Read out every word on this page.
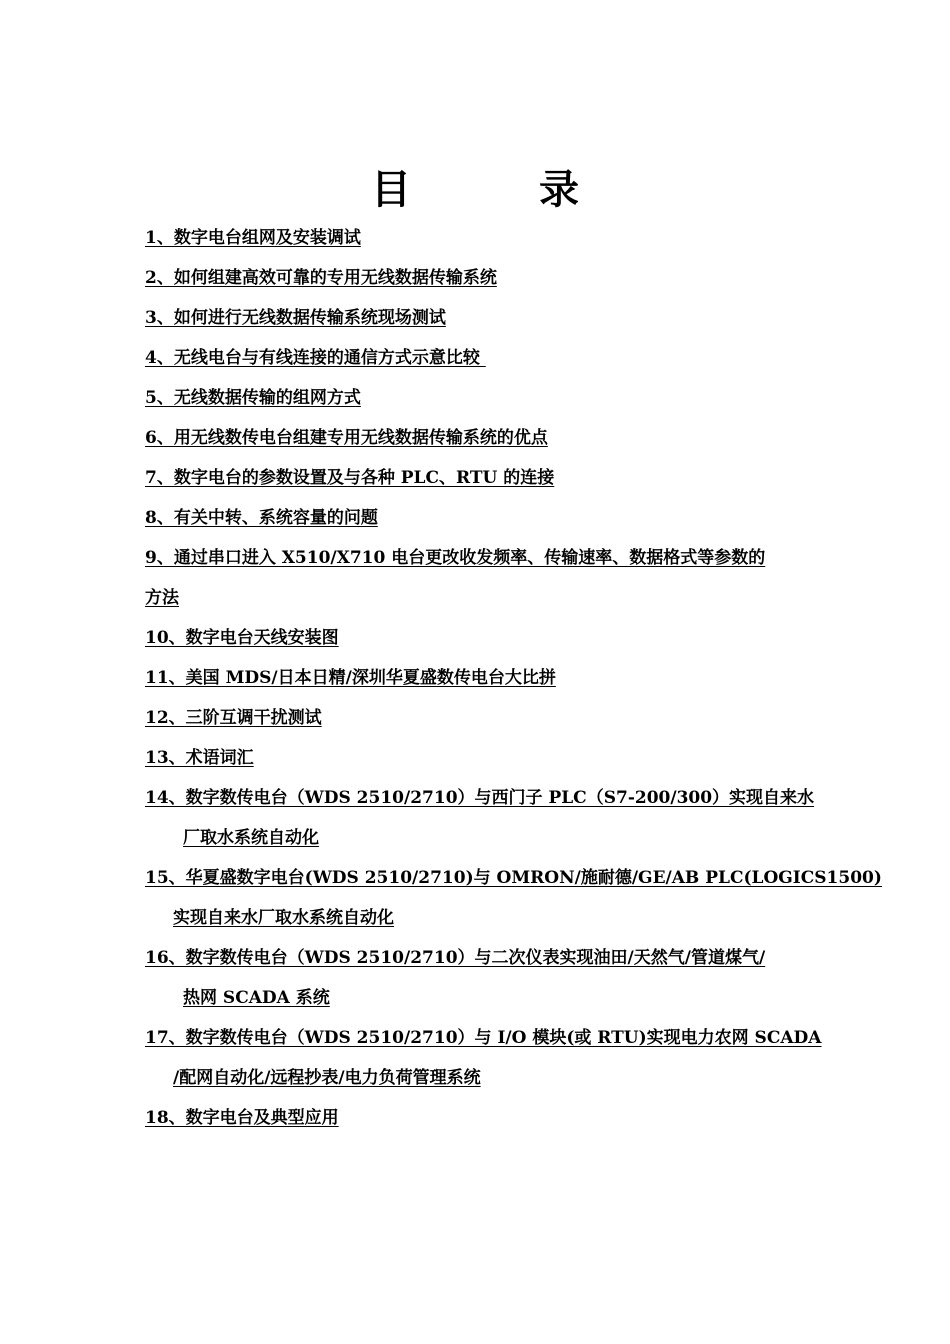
目　录
1、数字电台组网及安装调试
2、如何组建高效可靠的专用无线数据传输系统
3、如何进行无线数据传输系统现场测试
4、无线电台与有线连接的通信方式示意比较
5、无线数据传输的组网方式
6、用无线数传电台组建专用无线数据传输系统的优点
7、数字电台的参数设置及与各种 PLC、RTU 的连接
8、有关中转、系统容量的问题
9、通过串口进入 X510/X710 电台更改收发频率、传输速率、数据格式等参数的
方法
10、数字电台天线安装图
11、美国 MDS/日本日精/深圳华夏盛数传电台大比拼
12、三阶互调干扰测试
13、术语词汇
14、数字数传电台（WDS 2510/2710）与西门子 PLC（S7-200/300）实现自来水
厂取水系统自动化
15、华夏盛数字电台(WDS 2510/2710)与 OMRON/施耐德/GE/AB PLC(LOGICS1500)
实现自来水厂取水系统自动化
16、数字数传电台（WDS 2510/2710）与二次仪表实现油田/天然气/管道煤气/
热网 SCADA 系统
17、数字数传电台（WDS 2510/2710）与 I/O 模块(或 RTU)实现电力农网 SCADA
/配网自动化/远程抄表/电力负荷管理系统
18、数字电台及典型应用
